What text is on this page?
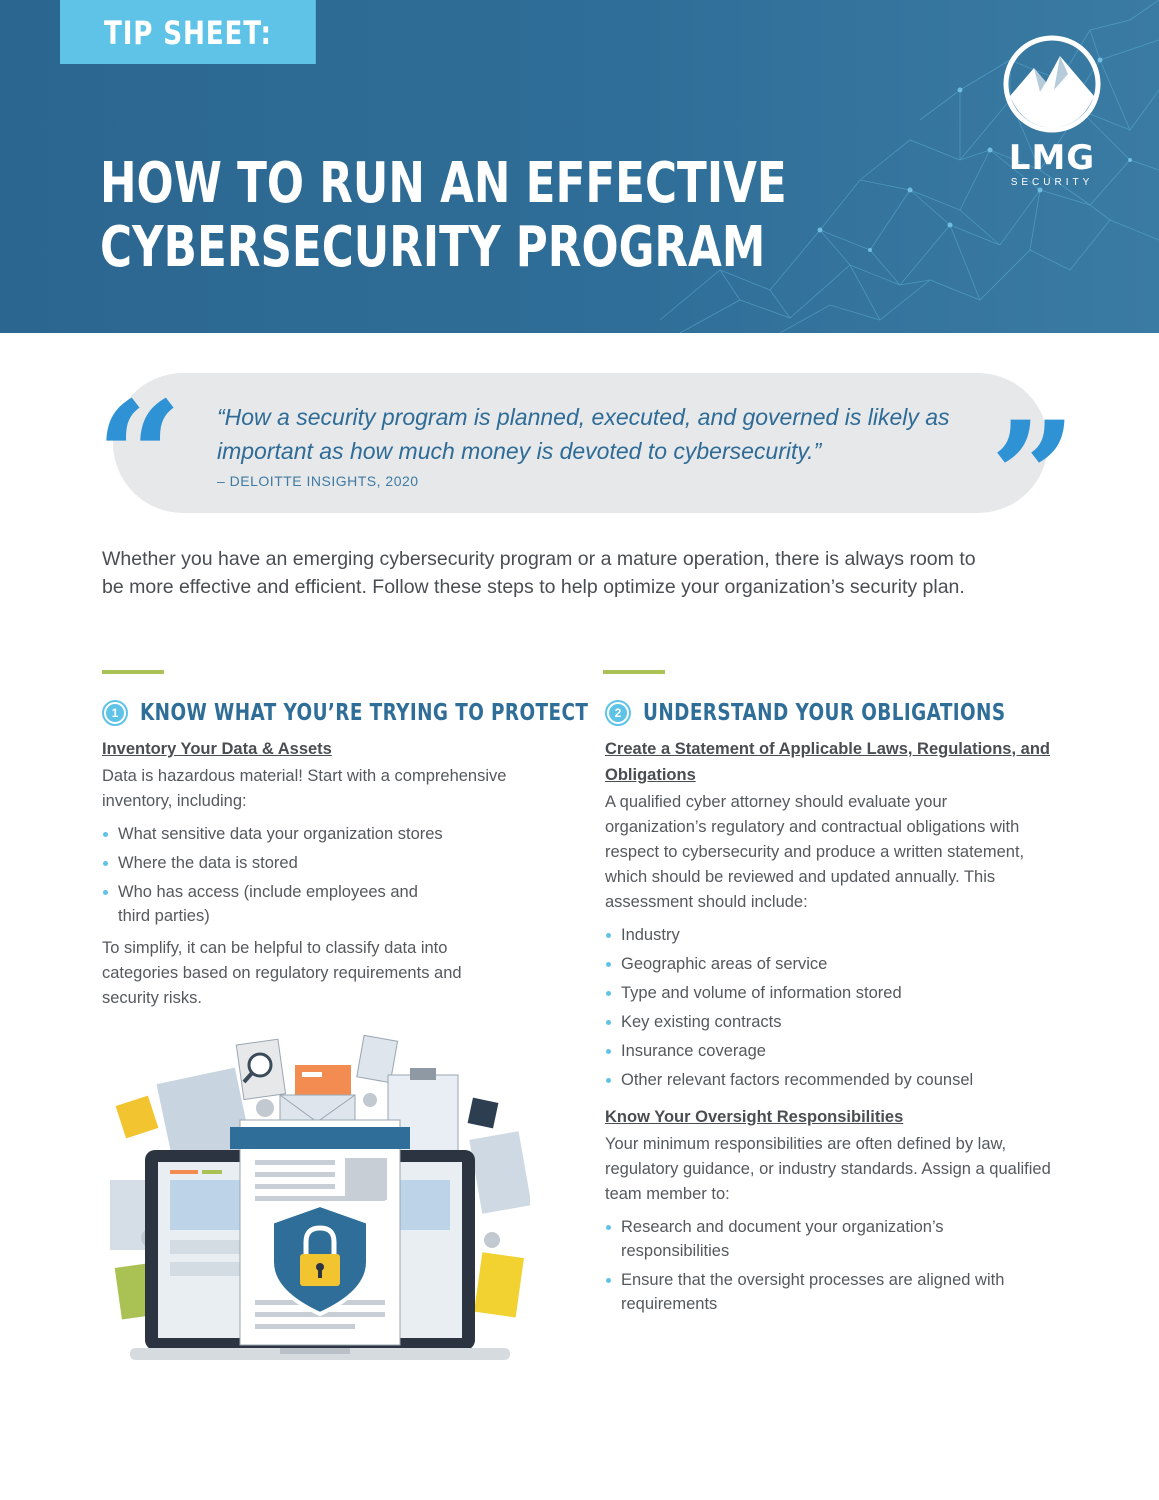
TIP SHEET:
HOW TO RUN AN EFFECTIVE
CYBERSECURITY PROGRAM
LMG
SECURITY
“	”

“How a security program is planned, executed, and governed is likely as important as how much money is devoted to cybersecurity.”

– DELOITTE INSIGHTS, 2020

Whether you have an emerging cybersecurity program or a mature operation, there is always room to be more effective and efficient. Follow these steps to help optimize your organization’s security plan.

1 KNOW WHAT YOU’RE TRYING TO PROTECT
Inventory Your Data & Assets

Data is hazardous material! Start with a comprehensive inventory, including:

What sensitive data your organization stores
Where the data is stored
Who has access (include employees and third parties)

To simplify, it can be helpful to classify data into categories based on regulatory requirements and security risks.

2 UNDERSTAND YOUR OBLIGATIONS
Create a Statement of Applicable Laws, Regulations, and Obligations

A qualified cyber attorney should evaluate your organization’s regulatory and contractual obligations with respect to cybersecurity and produce a written statement, which should be reviewed and updated annually. This assessment should include:

Industry
Geographic areas of service
Type and volume of information stored
Key existing contracts
Insurance coverage
Other relevant factors recommended by counsel
Know Your Oversight Responsibilities

Your minimum responsibilities are often defined by law, regulatory guidance, or industry standards. Assign a qualified team member to:

Research and document your organization’s responsibilities
Ensure that the oversight processes are aligned with requirements
